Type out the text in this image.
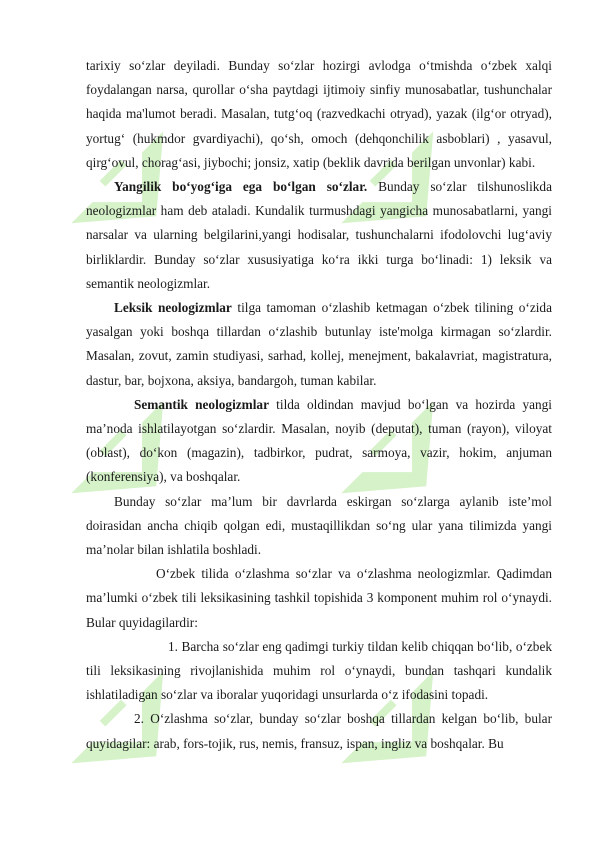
tarixiy so‘zlar deyiladi. Bunday so‘zlar hozirgi avlodga o‘tmishda o‘zbek xalqi foydalangan narsa, qurollar o‘sha paytdagi ijtimoiy sinfiy munosabatlar, tushunchalar haqida ma'lumot beradi. Masalan, tutg‘oq (razvedkachi otryad), yazak (ilg‘or otryad), yortug‘ (hukmdor gvardiyachi), qo‘sh, omoch (dehqonchilik asboblari) , yasavul, qirg‘ovul, chorag‘asi, jiybochi; jonsiz, xatip (beklik davrida berilgan unvonlar) kabi.

Yangilik bo‘yog‘iga ega bo‘lgan so‘zlar. Bunday so‘zlar tilshunoslikda neologizmlar ham deb ataladi. Kundalik turmushdagi yangicha munosabatlarni, yangi narsalar va ularning belgilarini,yangi hodisalar, tushunchalarni ifodolovchi lug‘aviy birliklardir. Bunday so‘zlar xususiyatiga ko‘ra ikki turga bo‘linadi: 1) leksik va semantik neologizmlar.

Leksik neologizmlar tilga tamoman o‘zlashib ketmagan o‘zbek tilining o‘zida yasalgan yoki boshqa tillardan o‘zlashib butunlay iste'molga kirmagan so‘zlardir. Masalan, zovut, zamin studiyasi, sarhad, kollej, menejment, bakalavriat, magistratura, dastur, bar, bojxona, aksiya, bandargoh, tuman kabilar.

Semantik neologizmlar tilda oldindan mavjud bo‘lgan va hozirda yangi ma’noda ishlatilayotgan so‘zlardir. Masalan, noyib (deputat), tuman (rayon), viloyat (oblast), do‘kon (magazin), tadbirkor, pudrat, sarmoya, vazir, hokim, anjuman (konferensiya), va boshqalar.

Bunday so‘zlar ma’lum bir davrlarda eskirgan so‘zlarga aylanib iste’mol doirasidan ancha chiqib qolgan edi, mustaqillikdan so‘ng ular yana tilimizda yangi ma’nolar bilan ishlatila boshladi.

O‘zbek tilida o‘zlashma so‘zlar va o‘zlashma neologizmlar. Qadimdan ma’lumki o‘zbek tili leksikasining tashkil topishida 3 komponent muhim rol o‘ynaydi. Bular quyidagilardir:

1. Barcha so‘zlar eng qadimgi turkiy tildan kelib chiqqan bo‘lib, o‘zbek tili leksikasining rivojlanishida muhim rol o‘ynaydi, bundan tashqari kundalik ishlatiladigan so‘zlar va iboralar yuqoridagi unsurlarda o‘z ifodasini topadi.

2. O‘zlashma so‘zlar, bunday so‘zlar boshqa tillardan kelgan bo‘lib, bular quyidagilar: arab, fors-tojik, rus, nemis, fransuz, ispan, ingliz va boshqalar. Bu
